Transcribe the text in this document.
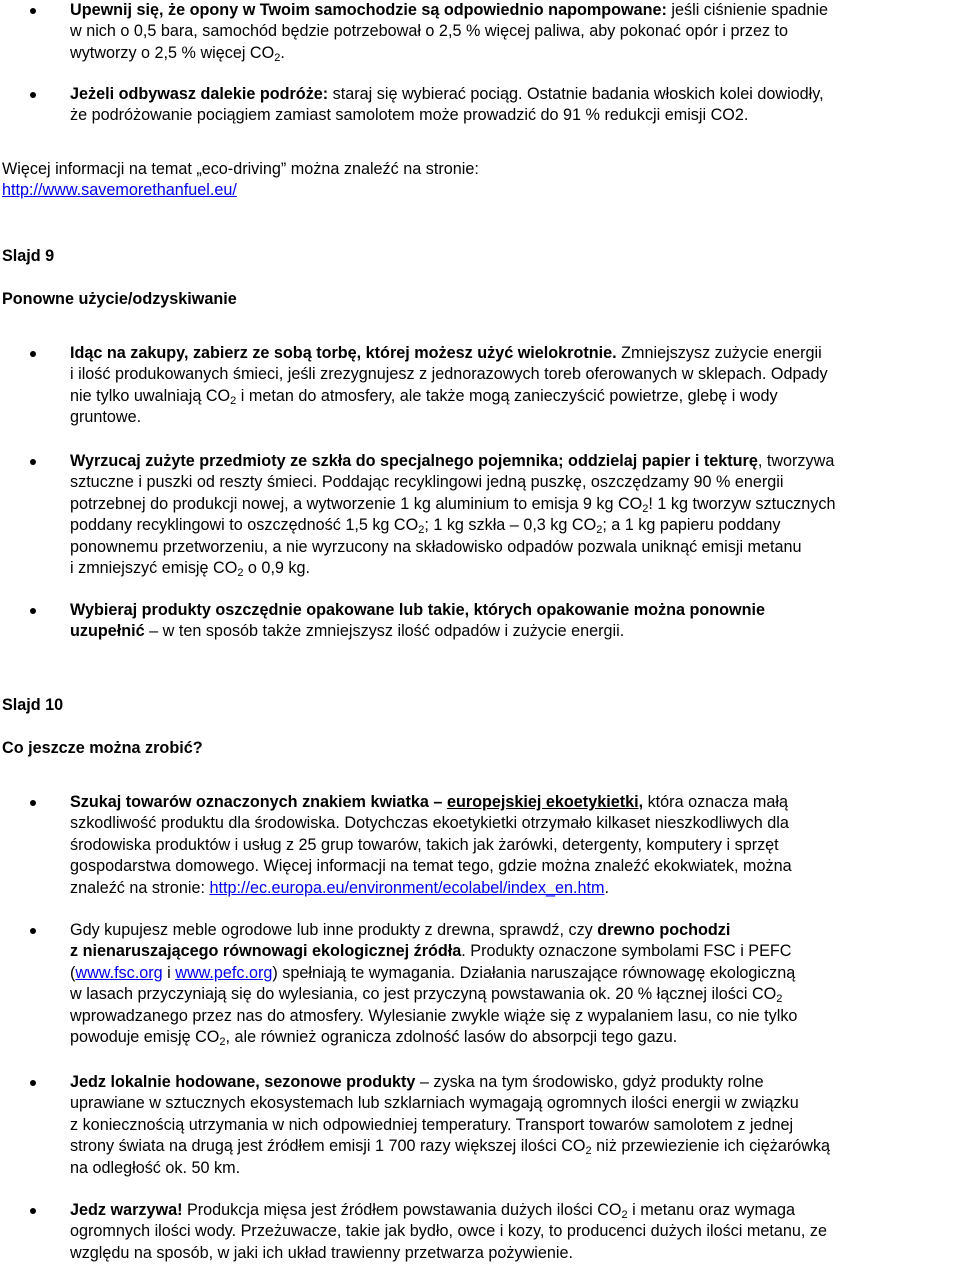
Upewnij się, że opony w Twoim samochodzie są odpowiednio napompowane: jeśli ciśnienie spadnie
w nich o 0,5 bara, samochód będzie potrzebował o 2,5 % więcej paliwa, aby pokonać opór i przez to
wytworzy o 2,5 % więcej $CO_2$.
Jeżeli odbywasz dalekie podróże: staraj się wybierać pociąg. Ostatnie badania włoskich kolei dowiodły,
że podróżowanie pociągiem zamiast samolotem może prowadzić do 91 % redukcji emisji CO2.
Więcej informacji na temat „eco-driving” można znaleźć na stronie:
http://www.savemorethanfuel.eu/
Slajd 9
Ponowne użycie/odzyskiwanie
Idąc na zakupy, zabierz ze sobą torbę, której możesz użyć wielokrotnie. Zmniejszysz zużycie energii
i ilość produkowanych śmieci, jeśli zrezygnujesz z jednorazowych toreb oferowanych w sklepach. Odpady
nie tylko uwalniają $CO_2$ i metan do atmosfery, ale także mogą zanieczyścić powietrze, glebę i wody
gruntowe.
Wyrzucaj zużyte przedmioty ze szkła do specjalnego pojemnika; oddzielaj papier i tekturę, tworzywa
sztuczne i puszki od reszty śmieci. Poddając recyklingowi jedną puszkę, oszczędzamy 90 % energii
potrzebnej do produkcji nowej, a wytworzenie 1 kg aluminium to emisja 9 kg $CO_2$! 1 kg tworzyw sztucznych
poddany recyklingowi to oszczędność 1,5 kg $CO_2$; 1 kg szkła – 0,3 kg $CO_2$; a 1 kg papieru poddany
ponownemu przetworzeniu, a nie wyrzucony na składowisko odpadów pozwala uniknąć emisji metanu
i zmniejszyć emisję $CO_2$ o 0,9 kg.
Wybieraj produkty oszczędnie opakowane lub takie, których opakowanie można ponownie
uzupełnić – w ten sposób także zmniejszysz ilość odpadów i zużycie energii.
Slajd 10
Co jeszcze można zrobić?
Szukaj towarów oznaczonych znakiem kwiatka – europejskiej ekoetykietki, która oznacza małą
szkodliwość produktu dla środowiska. Dotychczas ekoetykietki otrzymało kilkaset nieszkodliwych dla
środowiska produktów i usług z 25 grup towarów, takich jak żarówki, detergenty, komputery i sprzęt
gospodarstwa domowego. Więcej informacji na temat tego, gdzie można znaleźć ekokwiatek, można
znaleźć na stronie: http://ec.europa.eu/environment/ecolabel/index_en.htm.
Gdy kupujesz meble ogrodowe lub inne produkty z drewna, sprawdź, czy drewno pochodzi
z nienaruszającego równowagi ekologicznej źródła. Produkty oznaczone symbolami FSC i PEFC
(www.fsc.org i www.pefc.org) spełniają te wymagania. Działania naruszające równowagę ekologiczną
w lasach przyczyniają się do wylesiania, co jest przyczyną powstawania ok. 20 % łącznej ilości $CO_2$
wprowadzanego przez nas do atmosfery. Wylesianie zwykle wiąże się z wypalaniem lasu, co nie tylko
powoduje emisję $CO_2$, ale również ogranicza zdolność lasów do absorpcji tego gazu.
Jedz lokalnie hodowane, sezonowe produkty – zyska na tym środowisko, gdyż produkty rolne
uprawiane w sztucznych ekosystemach lub szklarniach wymagają ogromnych ilości energii w związku
z koniecznością utrzymania w nich odpowiedniej temperatury. Transport towarów samolotem z jednej
strony świata na drugą jest źródłem emisji 1 700 razy większej ilości $CO_2$ niż przewiezienie ich ciężarówką
na odległość ok. 50 km.
Jedz warzywa! Produkcja mięsa jest źródłem powstawania dużych ilości $CO_2$ i metanu oraz wymaga
ogromnych ilości wody. Przeżuwacze, takie jak bydło, owce i kozy, to producenci dużych ilości metanu, ze
względu na sposób, w jaki ich układ trawienny przetwarza pożywienie.
